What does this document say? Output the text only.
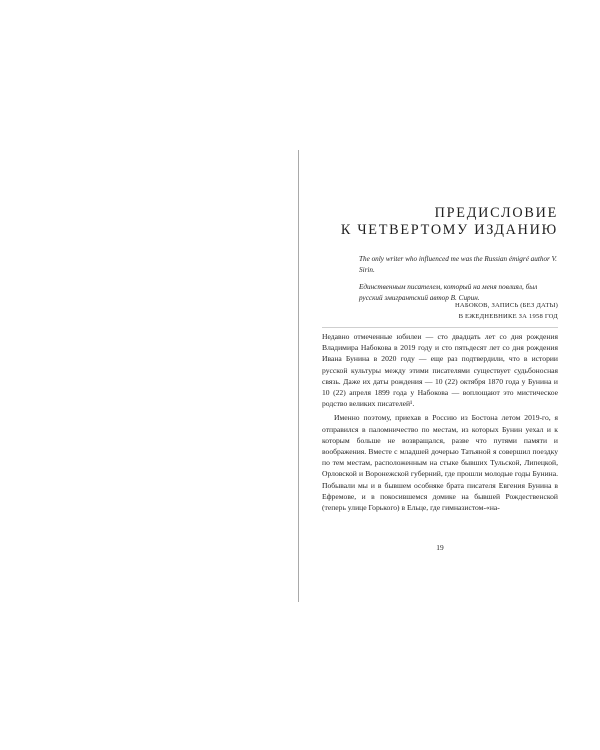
ПРЕДИСЛОВИЕ
К ЧЕТВЕРТОМУ ИЗДАНИЮ
The only writer who influenced me was the Russian émigré author V. Sirin.
Единственным писателем, который на меня повлиял, был русский эмигрантский автор В. Сирин.
НАБОКОВ, ЗАПИСЬ (БЕЗ ДАТЫ)
В ЕЖЕДНЕВНИКЕ ЗА 1958 ГОД

Недавно отмеченные юбилеи — сто двадцать лет со дня рождения Владимира Набокова в 2019 году и сто пятьдесят лет со дня рождения Ивана Бунина в 2020 году — еще раз подтвердили, что в истории русской культуры между этими писателями существует судьбоносная связь. Даже их даты рождения — 10 (22) октября 1870 года у Бунина и 10 (22) апреля 1899 года у Набокова — воплощают это мистическое родство великих писателей¹.

Именно поэтому, приехав в Россию из Бостона летом 2019-го, я отправился в паломничество по местам, из которых Бунин уехал и к которым больше не возвращался, разве что путями памяти и воображения. Вместе с младшей дочерью Татьяной я совершил поездку по тем местам, расположенным на стыке бывших Тульской, Липецкой, Орловской и Воронежской губерний, где прошли молодые годы Бунина. Побывали мы и в бывшем особняке брата писателя Евгения Бунина в Ефремове, и в покосившемся домике на бывшей Рождественской (теперь улице Горького) в Ельце, где гимназистом-«на-

19
